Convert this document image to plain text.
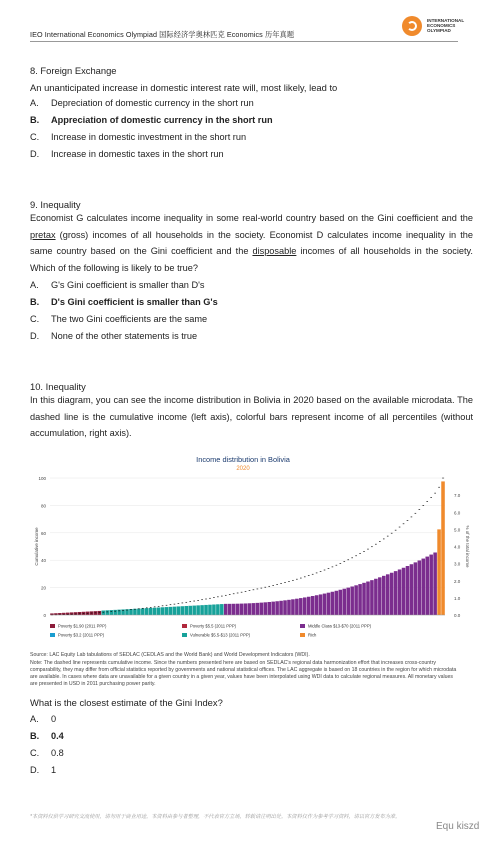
IEO International Economics Olympiad 国际经济学奥林匹克 Economics 历年真题
INTERNATIONAL
ECONOMICS
OLYMPIAD
8. Foreign Exchange
An unanticipated increase in domestic interest rate will, most likely, lead to
A. Depreciation of domestic currency in the short run
B. Appreciation of domestic currency in the short run
C. Increase in domestic investment in the short run
D. Increase in domestic taxes in the short run
9. Inequality
Economist G calculates income inequality in some real-world country based on the Gini coefficient and the pretax (gross) incomes of all households in the society. Economist D calculates income inequality in the same country based on the Gini coefficient and the disposable incomes of all households in the society. Which of the following is likely to be true?
A. G's Gini coefficient is smaller than D's
B. D's Gini coefficient is smaller than G's
C. The two Gini coefficients are the same
D. None of the other statements is true
10. Inequality
In this diagram, you can see the income distribution in Bolivia in 2020 based on the available microdata. The dashed line is the cumulative income (left axis), colorful bars represent income of all percentiles (without accumulation, right axis).
Income distribution in Bolivia
2020
100
80
60
40
20
0
7.0
6.0
5.0
4.0
3.0
2.0
1.0
0.0
Cumulative income	% of the total income
Poverty $1.90 (2011 PPP)	Poverty $5.5 (2011 PPP)	Middle Class $13-$70 (2011 PPP)
Poverty $3.2 (2011 PPP)	Vulnerable $5.5-$13 (2011 PPP)	Rich
Source: LAC Equity Lab tabulations of SEDLAC (CEDLAS and the World Bank) and World Development Indicators (WDI).
Note: The dashed line represents cumulative income. Since the numbers presented here are based on SEDLAC's regional data harmonization effort that increases cross-country comparability, they may differ from official statistics reported by governments and national statistical offices. The LAC aggregate is based on 18 countries in the region for which microdata are available. In cases where data are unavailable for a given country in a given year, values have been interpolated using WDI data to calculate regional measures. All monetary values are presented in USD in 2011 purchasing power parity.
What is the closest estimate of the Gini Index?
A. 0
B. 0.4
C. 0.8
D. 1
*本资料仅供学习研究交流使用，请勿用于商业用途。本资料由参与者整理，不代表官方立场，转载请注明出处。本资料仅作为参考学习资料，请以官方发布为准。
Equ kiszd
